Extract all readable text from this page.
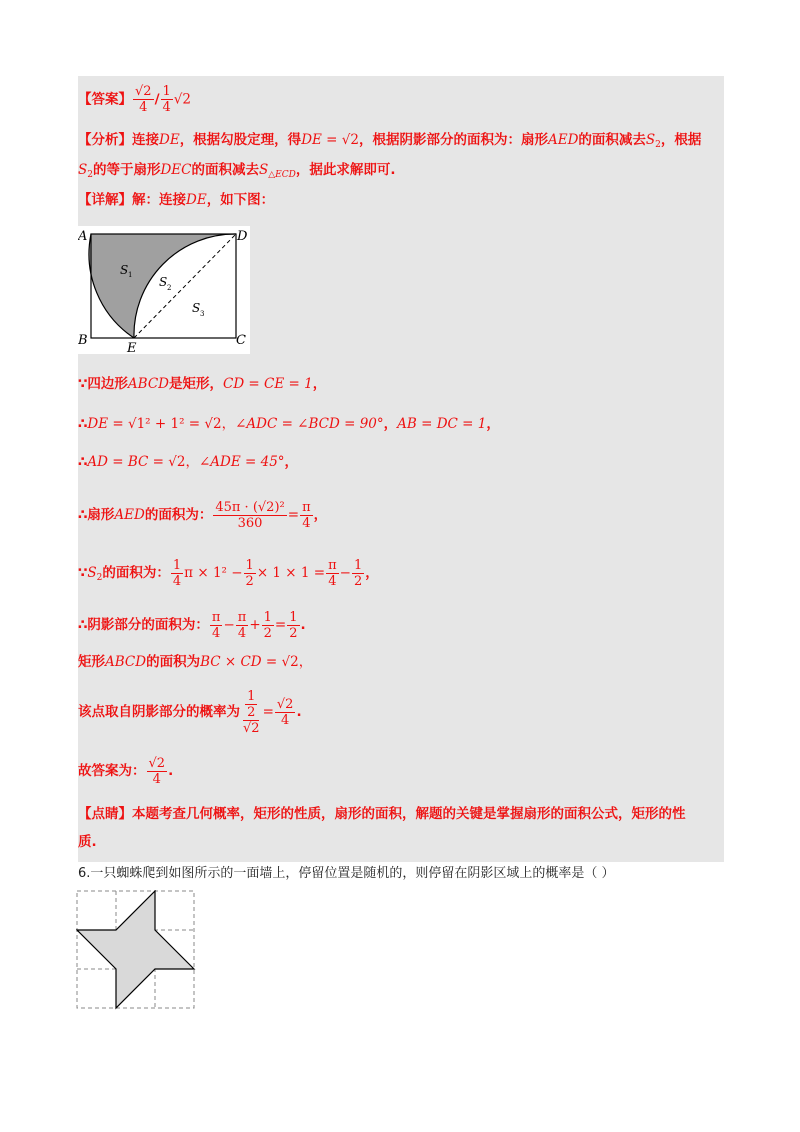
【答案】 $\frac{√2}{4} / \frac{1}{4} √2$
【分析】连接DE，根据勾股定理，得DE = √2，根据阴影部分的面积为：扇形AED的面积减去$S_2$，根据
$S_2$的等于扇形DEC的面积减去$S_{\triangle ECD}$，据此求解即可.
【详解】解：连接DE，如下图：
A	D
B	C
E
S 1 S 2
S 3
∵四边形ABCD是矩形，CD = CE = 1，
∴DE = √1² + 1² = √2，∠ADC = ∠BCD = 90°，AB = DC = 1，
∴AD = BC = √2，∠ADE = 45°，
∴扇形AED的面积为： $\frac{\text{45π · (√2)²}}{360} = \frac{\pi}{4}$ ，
$\because S_2$的面积为： $\frac{1}{4}$ $\pi \times 1^2 - \frac{1}{2} \times 1 \times 1 = \frac{\pi}{4} - \frac{1}{2}$ ，
∴阴影部分的面积为： $\frac{\pi}{4} - \frac{\pi}{4} + \frac{1}{2} = \frac{1}{2}$ .
矩形ABCD的面积为BC × CD = √2，
该点取自阴影部分的概率为 1
2
$√2 = \frac{√2}{4}$ .
故答案为： $\frac{√2}{4}$ .
【点睛】本题考查几何概率，矩形的性质，扇形的面积，解题的关键是掌握扇形的面积公式，矩形的性
质.
6.一只蜘蛛爬到如图所示的一面墙上，停留位置是随机的，则停留在阴影区域上的概率是（ ）
